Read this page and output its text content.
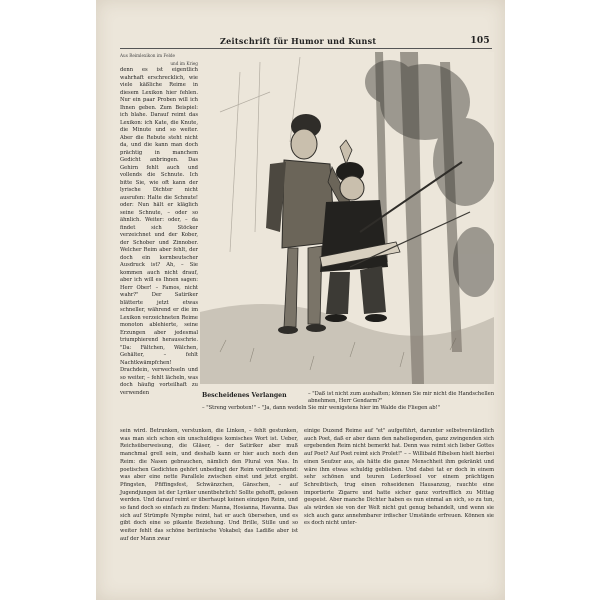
Zeitschrift für Humor und Kunst	105
Aus Reimlexikon im Felde
und im Krieg

denn es ist eigentlich wahrhaft erschrecklich, wie viele käßliche Reime in diesem Lexikon hier fehlen. Nur ein paar Proben will ich Ihnen geben. Zum Beispiel: ich blahe. Darauf reimt das Lexikon: ich Kate, die Knute, die Minute und so weiter. Aber die Rebute steht nicht da, und die kann man doch prächtig in manchem Gedicht anbringen. Das Gehirn fehlt auch und vollends die Schnute. Ich bitte Sie, wie oft kann der lyrische Dichter nicht ausrufen: Halte die Schnute! oder: Nun hält er kläglich seine Schnute, – oder so ähnlich. Weiter: oder, – da findet sich Stöcker verzeichnet und der Kober, der Schober und Zinnober. Welcher Reim aber fehlt, der doch ein kernbeutscher Ausdruck ist? Ah, – Sie kommen auch nicht drauf, aber ich will es Ihnen sagen: Herr Ober! – Famos, nicht wahr?" Der Satiriker blätterte jetzt etwas schneller, während er die im Lexikon verzeichneten Reime monoton ablehierte, seine Erzungen aber jedesmal triumphierend herausschrie. "Da: Fältchen, Wälchen, Gehälter, – fehlt Nachtkwämpfchen! Drachdein, verwechseln und so weiter, – fehlt lächeln, was doch häufig vorteilhaft zu verwenden	Bescheidenes Verlangen	– "Daß ist nicht zum aushalten; können Sie mir nicht die Handschellen abnehmen, Herr Gendarm?"
– "Streng verboten!" – "Ja, dann wedeln Sie mir wenigstens hier im Walde die Fliegen ab!"

sein wird. Betrunken, verstunken, die Linken, – fehlt gestunken, was man sich schon ein unschuldiges komisches Wort ist. Ueber, Reichsüberweisung, die Gläser, – der Satiriker aber muß manchmal grell sein, und deshalb kann er hier auch noch den Reim: die Nasen gebrauchen, nämlich den Plural von Nas. In poetischen Gedichten gehört unbedingt der Reim vorübergehend: was aber eine nette Parallele zwischen einst und jetzt ergibt. Pfingsten, Pfiffingsfest, Schwänzchen, Gänschen, – auf Jugendjungen ist der Lyriker unentbehrlich! Sollte gehofft, gelesen werden. Und darauf reimt er überhaupt keinen einzigen Reim, und so fand doch so einfach zu finden: Manna, Hosianna, Havanna. Das sich auf Strümpfe Nymphe reimt, hat er auch übersehen, und es gibt doch eine so pikante Beziehung. Und Brille, Stille und so weiter fehlt das schöne berlinische Vokabel; das Ladiße aber ist auf der Mann zwar

einige Duzend Reime auf "et" aufgeführt, darunter selbstverständlich auch Poet, daß er aber dann den naheliegenden, ganz zwingenden sich ergebenden Reim nicht bemerkt hat. Denn was reimt sich lieber Gottes auf Poet? Auf Poet reimt sich Prolet!" – – Willibald Ribelsen hielt hierbei einen Seufzer aus, als hätte die ganze Menschheit ihm gekränkt und wäre ihm etwas schuldig geblieben. Und dabei tat er doch in einem sehr schönen und teuren Lederfessel vor einem prächtigen Schreibtisch, trug einen rohseidenen Hausanzug, rauchte eine importierte Zigarre und hatte sicher ganz vortrefflich zu Mittag gespeist. Aber manche Dichter haben es nun einmal an sich, so zu tun, als würden sie von der Welt nicht gut genug behandelt, und wenn sie sich auch ganz annehmbarer irdischer Umstände erfreuen. Können sie es doch nicht unter-
